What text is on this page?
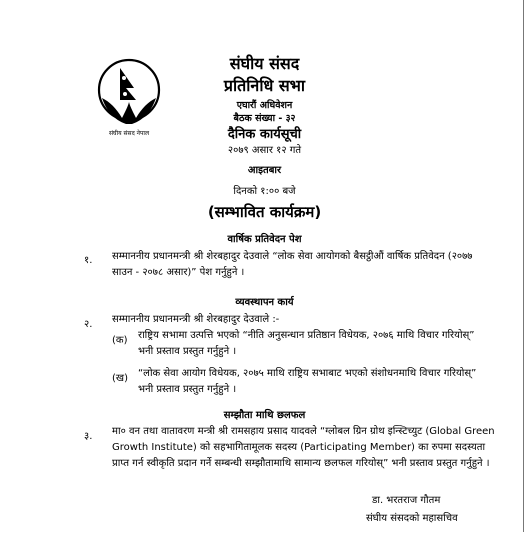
संघीय संसद नेपाल
संघीय संसद
प्रतिनिधि सभा
एघारौं अधिवेशन
बैठक संख्या - ३२
दैनिक कार्यसूची
२०७९ असार १२ गते
आइतबार
दिनको १:०० बजे
(सम्भावित कार्यक्रम)
वार्षिक प्रतिवेदन पेश
१. सम्माननीय प्रधानमन्त्री श्री शेरबहादुर देउवाले “लोक सेवा आयोगको बैसट्ठीऔं वार्षिक प्रतिवेदन (२०७७ साउन - २०७८ असार)” पेश गर्नुहुने ।
व्यवस्थापन कार्य
२. सम्माननीय प्रधानमन्त्री श्री शेरबहादुर देउवाले :-
(क) राष्ट्रिय सभामा उत्पत्ति भएको “नीति अनुसन्धान प्रतिष्ठान विधेयक, २०७६ माथि विचार गरियोस्” भनी प्रस्ताव प्रस्तुत गर्नुहुने ।
(ख) “लोक सेवा आयोग विधेयक, २०७५ माथि राष्ट्रिय सभाबाट भएको संशोधनमाथि विचार गरियोस्” भनी प्रस्ताव प्रस्तुत गर्नुहुने ।
सम्झौता माथि छलफल
३. मा० वन तथा वातावरण मन्त्री श्री रामसहाय प्रसाद यादवले “ग्लोबल ग्रिन ग्रोथ इन्स्टिच्युट (Global Green Growth Institute) को सहभागितामूलक सदस्य (Participating Member) का रुपमा सदस्यता प्राप्त गर्न स्वीकृति प्रदान गर्ने सम्बन्धी सम्झौतामाथि सामान्य छलफल गरियोस्” भनी प्रस्ताव प्रस्तुत गर्नुहुने ।
डा. भरतराज गौतम
संघीय संसदको महासचिव
